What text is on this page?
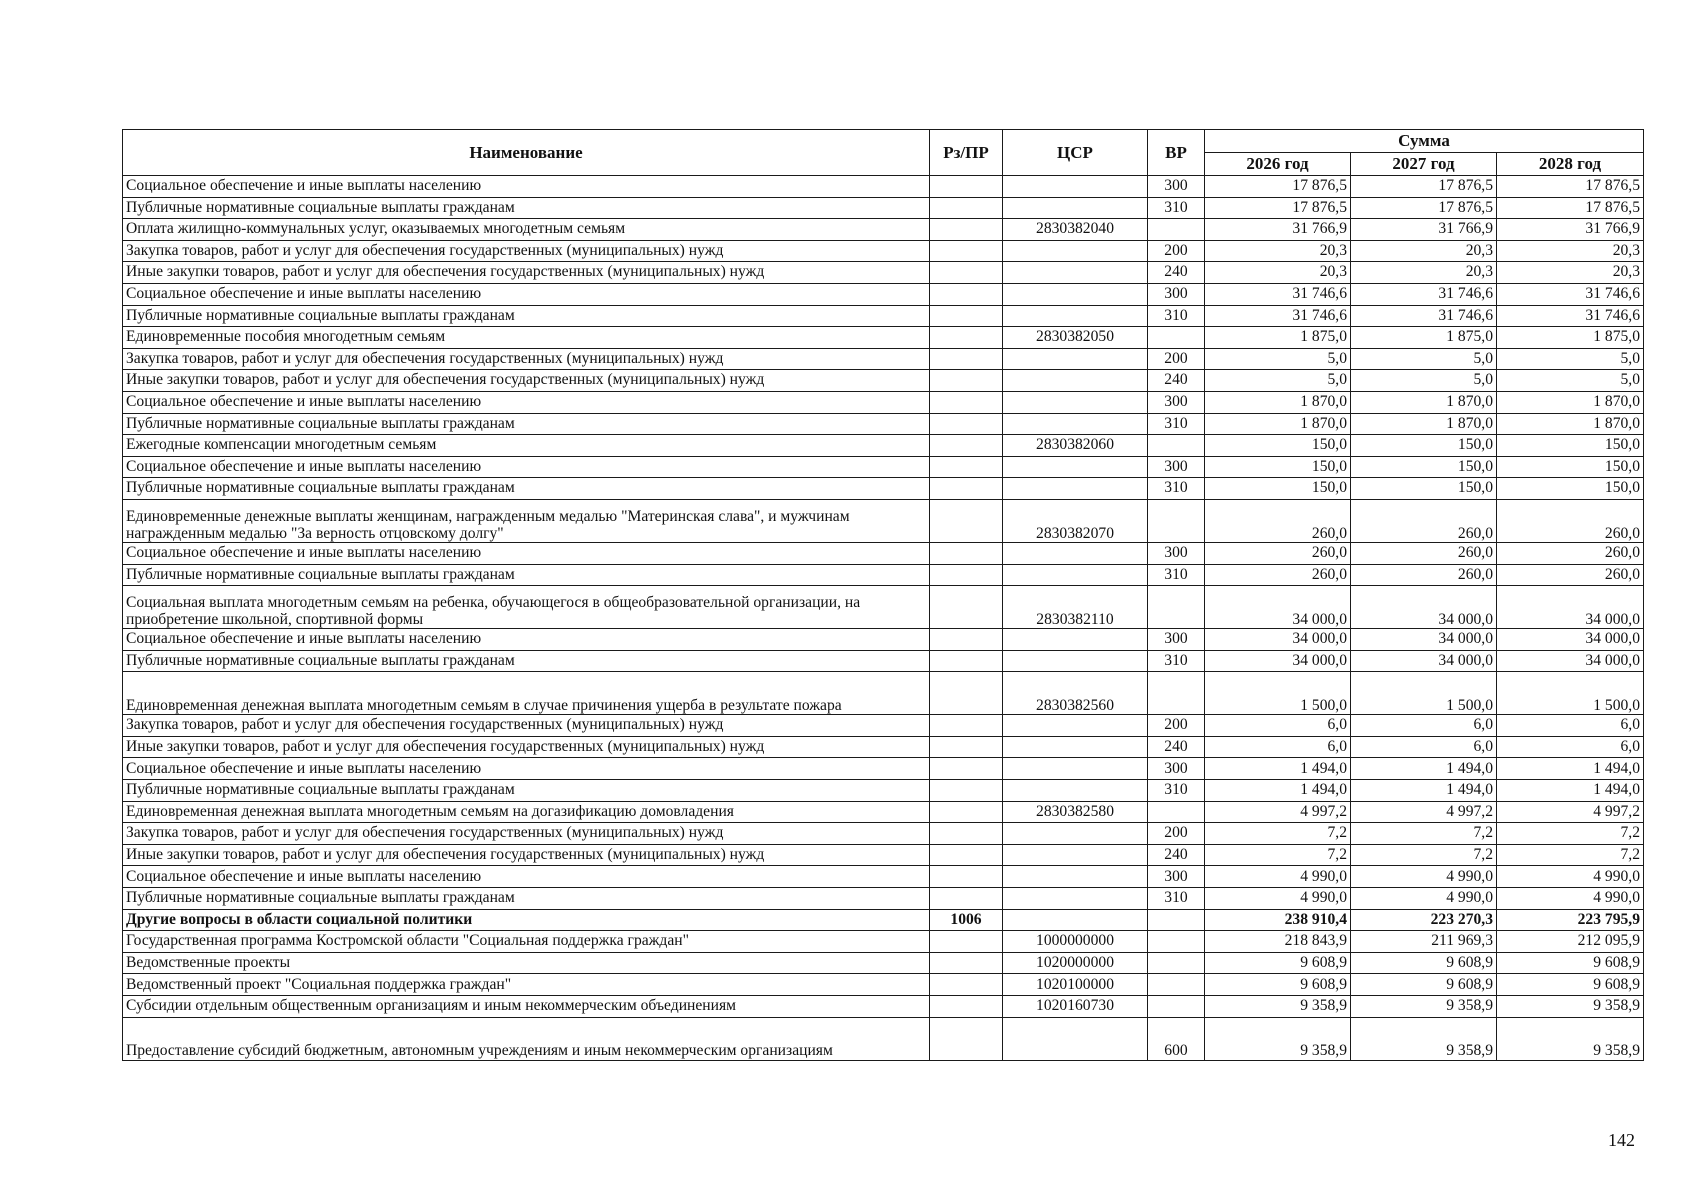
Наименование	Рз/ПР	ЦСР	ВР	Сумма		
				2026 год	2027 год	2028 год
Социальное обеспечение и иные выплаты населению			300	17 876,5	17 876,5	17 876,5
Публичные нормативные социальные выплаты гражданам			310	17 876,5	17 876,5	17 876,5
Оплата жилищно-коммунальных услуг, оказываемых многодетным семьям		2830382040		31 766,9	31 766,9	31 766,9
Закупка товаров, работ и услуг для обеспечения государственных (муниципальных) нужд			200	20,3	20,3	20,3
Иные закупки товаров, работ и услуг для обеспечения государственных (муниципальных) нужд			240	20,3	20,3	20,3
Социальное обеспечение и иные выплаты населению			300	31 746,6	31 746,6	31 746,6
Публичные нормативные социальные выплаты гражданам			310	31 746,6	31 746,6	31 746,6
Единовременные пособия многодетным семьям		2830382050		1 875,0	1 875,0	1 875,0
Закупка товаров, работ и услуг для обеспечения государственных (муниципальных) нужд			200	5,0	5,0	5,0
Иные закупки товаров, работ и услуг для обеспечения государственных (муниципальных) нужд			240	5,0	5,0	5,0
Социальное обеспечение и иные выплаты населению			300	1 870,0	1 870,0	1 870,0
Публичные нормативные социальные выплаты гражданам			310	1 870,0	1 870,0	1 870,0
Ежегодные компенсации многодетным семьям		2830382060		150,0	150,0	150,0
Социальное обеспечение и иные выплаты населению			300	150,0	150,0	150,0
Публичные нормативные социальные выплаты гражданам			310	150,0	150,0	150,0
Единовременные денежные выплаты женщинам, награжденным медалью "Материнская слава", и мужчинам награжденным медалью "За верность отцовскому долгу"		2830382070		260,0	260,0	260,0
Социальное обеспечение и иные выплаты населению			300	260,0	260,0	260,0
Публичные нормативные социальные выплаты гражданам			310	260,0	260,0	260,0
Социальная выплата многодетным семьям на ребенка, обучающегося в общеобразовательной организации, на приобретение школьной, спортивной формы		2830382110		34 000,0	34 000,0	34 000,0
Социальное обеспечение и иные выплаты населению			300	34 000,0	34 000,0	34 000,0
Публичные нормативные социальные выплаты гражданам			310	34 000,0	34 000,0	34 000,0
Единовременная денежная выплата многодетным семьям в случае причинения ущерба в результате пожара		2830382560		1 500,0	1 500,0	1 500,0
Закупка товаров, работ и услуг для обеспечения государственных (муниципальных) нужд			200	6,0	6,0	6,0
Иные закупки товаров, работ и услуг для обеспечения государственных (муниципальных) нужд			240	6,0	6,0	6,0
Социальное обеспечение и иные выплаты населению			300	1 494,0	1 494,0	1 494,0
Публичные нормативные социальные выплаты гражданам			310	1 494,0	1 494,0	1 494,0
Единовременная денежная выплата многодетным семьям на догазификацию домовладения		2830382580		4 997,2	4 997,2	4 997,2
Закупка товаров, работ и услуг для обеспечения государственных (муниципальных) нужд			200	7,2	7,2	7,2
Иные закупки товаров, работ и услуг для обеспечения государственных (муниципальных) нужд			240	7,2	7,2	7,2
Социальное обеспечение и иные выплаты населению			300	4 990,0	4 990,0	4 990,0
Публичные нормативные социальные выплаты гражданам			310	4 990,0	4 990,0	4 990,0
Другие вопросы в области социальной политики	1006			238 910,4	223 270,3	223 795,9
Государственная программа Костромской области "Социальная поддержка граждан"		1000000000		218 843,9	211 969,3	212 095,9
Ведомственные проекты		1020000000		9 608,9	9 608,9	9 608,9
Ведомственный проект "Социальная поддержка граждан"		1020100000		9 608,9	9 608,9	9 608,9
Субсидии отдельным общественным организациям и иным некоммерческим объединениям		1020160730		9 358,9	9 358,9	9 358,9
Предоставление субсидий бюджетным, автономным учреждениям и иным некоммерческим организациям			600	9 358,9	9 358,9	9 358,9
142
